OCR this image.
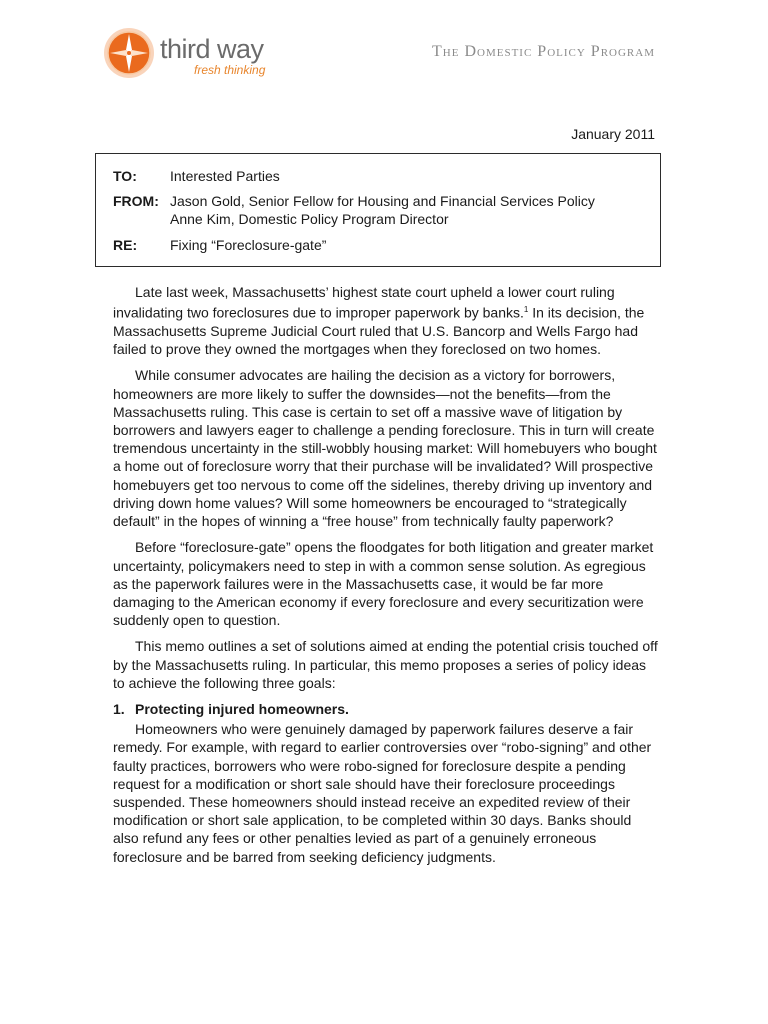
third way
fresh thinking
The Domestic Policy Program
January 2011
TO:	Interested Parties
FROM: Jason Gold, Senior Fellow for Housing and Financial Services Policy
Anne Kim, Domestic Policy Program Director
RE:	Fixing “Foreclosure-gate”

Late last week, Massachusetts’ highest state court upheld a lower court ruling invalidating two foreclosures due to improper paperwork by banks.$^1$ In its decision, the Massachusetts Supreme Judicial Court ruled that U.S. Bancorp and Wells Fargo had failed to prove they owned the mortgages when they foreclosed on two homes.

While consumer advocates are hailing the decision as a victory for borrowers, homeowners are more likely to suffer the downsides—not the benefits—from the Massachusetts ruling. This case is certain to set off a massive wave of litigation by borrowers and lawyers eager to challenge a pending foreclosure. This in turn will create tremendous uncertainty in the still-wobbly housing market: Will homebuyers who bought a home out of foreclosure worry that their purchase will be invalidated? Will prospective homebuyers get too nervous to come off the sidelines, thereby driving up inventory and driving down home values? Will some homeowners be encouraged to “strategically default” in the hopes of winning a “free house” from technically faulty paperwork?

Before “foreclosure-gate” opens the floodgates for both litigation and greater market uncertainty, policymakers need to step in with a common sense solution. As egregious as the paperwork failures were in the Massachusetts case, it would be far more damaging to the American economy if every foreclosure and every securitization were suddenly open to question.

This memo outlines a set of solutions aimed at ending the potential crisis touched off by the Massachusetts ruling. In particular, this memo proposes a series of policy ideas to achieve the following three goals:

1. Protecting injured homeowners.

Homeowners who were genuinely damaged by paperwork failures deserve a fair remedy. For example, with regard to earlier controversies over “robo-signing” and other faulty practices, borrowers who were robo-signed for foreclosure despite a pending request for a modification or short sale should have their foreclosure proceedings suspended. These homeowners should instead receive an expedited review of their modification or short sale application, to be completed within 30 days. Banks should also refund any fees or other penalties levied as part of a genuinely erroneous foreclosure and be barred from seeking deficiency judgments.
